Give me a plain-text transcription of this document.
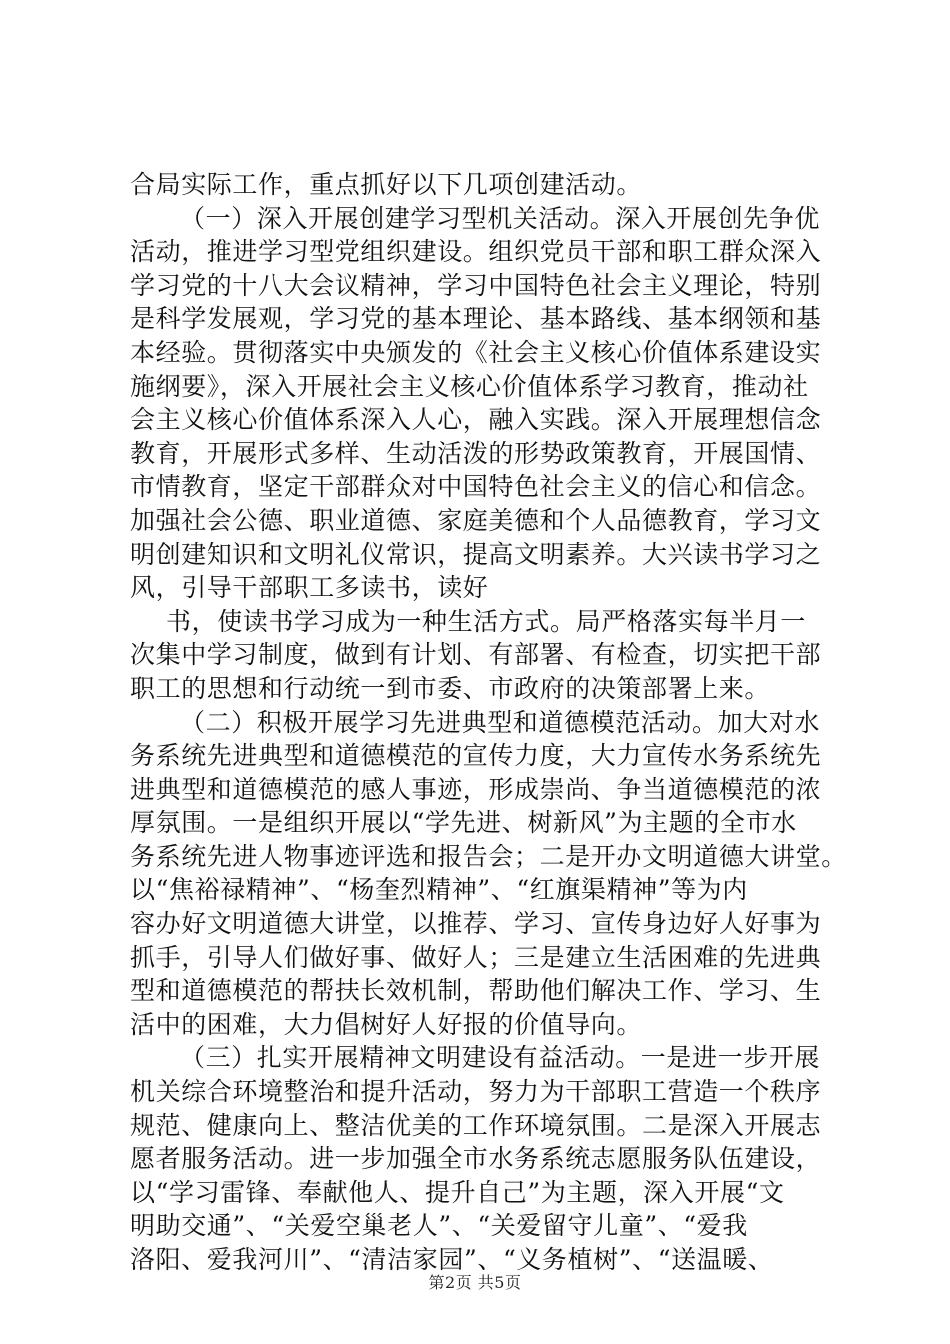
合局实际工作，重点抓好以下几项创建活动。
（一）深入开展创建学习型机关活动。深入开展创先争优
活动，推进学习型党组织建设。组织党员干部和职工群众深入
学习党的十八大会议精神，学习中国特色社会主义理论，特别
是科学发展观，学习党的基本理论、基本路线、基本纲领和基
本经验。贯彻落实中央颁发的《社会主义核心价值体系建设实
施纲要》，深入开展社会主义核心价值体系学习教育，推动社
会主义核心价值体系深入人心，融入实践。深入开展理想信念
教育，开展形式多样、生动活泼的形势政策教育，开展国情、
市情教育，坚定干部群众对中国特色社会主义的信心和信念。
加强社会公德、职业道德、家庭美德和个人品德教育，学习文
明创建知识和文明礼仪常识，提高文明素养。大兴读书学习之
风，引导干部职工多读书，读好
书，使读书学习成为一种生活方式。局严格落实每半月一
次集中学习制度，做到有计划、有部署、有检查，切实把干部
职工的思想和行动统一到市委、市政府的决策部署上来。
（二）积极开展学习先进典型和道德模范活动。加大对水
务系统先进典型和道德模范的宣传力度，大力宣传水务系统先
进典型和道德模范的感人事迹，形成崇尚、争当道德模范的浓
厚氛围。一是组织开展以“学先进、树新风”为主题的全市水
务系统先进人物事迹评选和报告会；二是开办文明道德大讲堂。
以“焦裕禄精神”、“杨奎烈精神”、“红旗渠精神”等为内
容办好文明道德大讲堂，以推荐、学习、宣传身边好人好事为
抓手，引导人们做好事、做好人；三是建立生活困难的先进典
型和道德模范的帮扶长效机制，帮助他们解决工作、学习、生
活中的困难，大力倡树好人好报的价值导向。
（三）扎实开展精神文明建设有益活动。一是进一步开展
机关综合环境整治和提升活动，努力为干部职工营造一个秩序
规范、健康向上、整洁优美的工作环境氛围。二是深入开展志
愿者服务活动。进一步加强全市水务系统志愿服务队伍建设，
以“学习雷锋、奉献他人、提升自己”为主题，深入开展“文
明助交通”、“关爱空巢老人”、“关爱留守儿童”、“爱我
洛阳、爱我河川”、“清洁家园”、“义务植树”、“送温暖、
第2页 共5页
